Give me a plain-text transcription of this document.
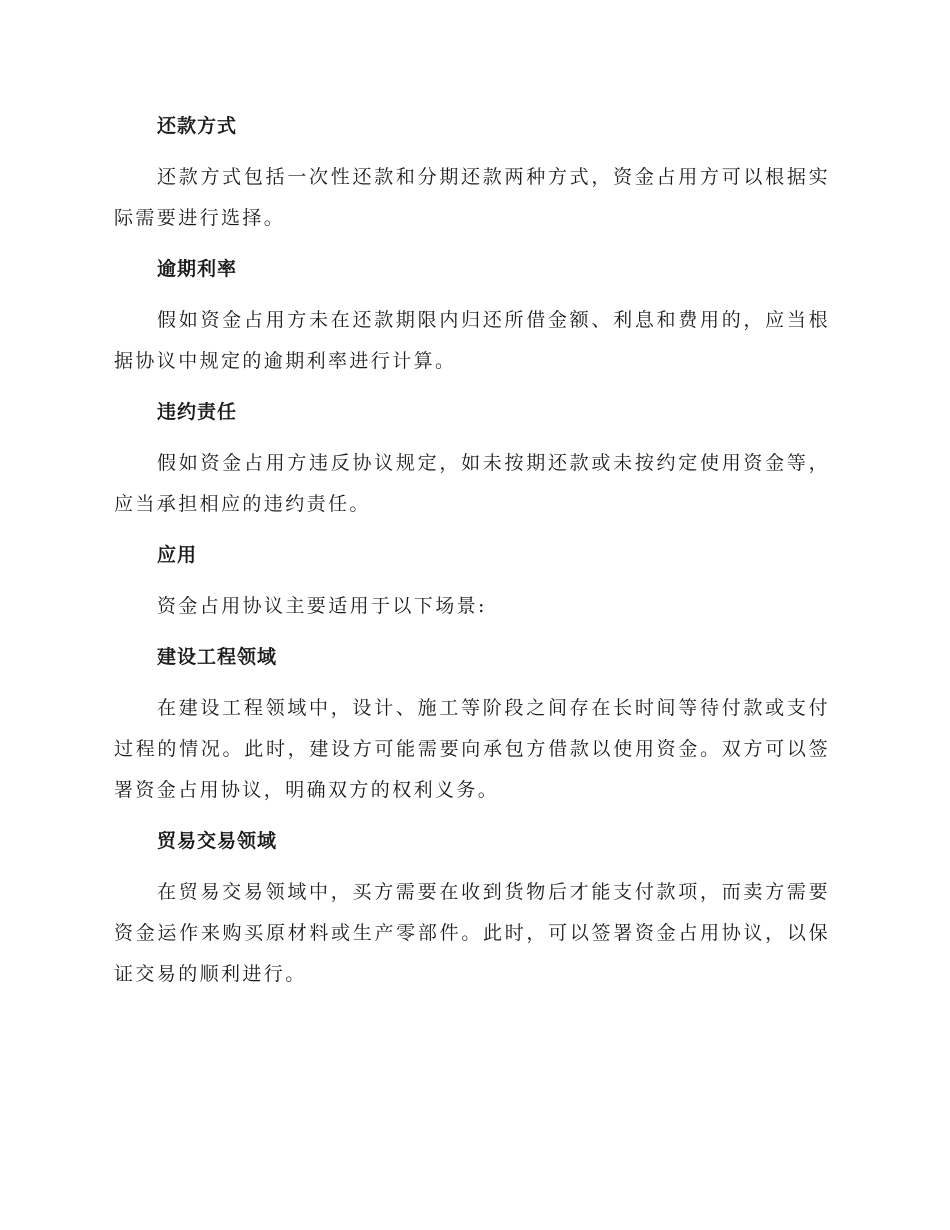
还款方式

还款方式包括一次性还款和分期还款两种方式，资金占用方可以根据实际需要进行选择。

逾期利率

假如资金占用方未在还款期限内归还所借金额、利息和费用的，应当根据协议中规定的逾期利率进行计算。

违约责任

假如资金占用方违反协议规定，如未按期还款或未按约定使用资金等，应当承担相应的违约责任。

应用

资金占用协议主要适用于以下场景:

建设工程领域

在建设工程领域中，设计、施工等阶段之间存在长时间等待付款或支付过程的情况。此时，建设方可能需要向承包方借款以使用资金。双方可以签署资金占用协议，明确双方的权利义务。

贸易交易领域

在贸易交易领域中，买方需要在收到货物后才能支付款项，而卖方需要资金运作来购买原材料或生产零部件。此时，可以签署资金占用协议，以保证交易的顺利进行。
